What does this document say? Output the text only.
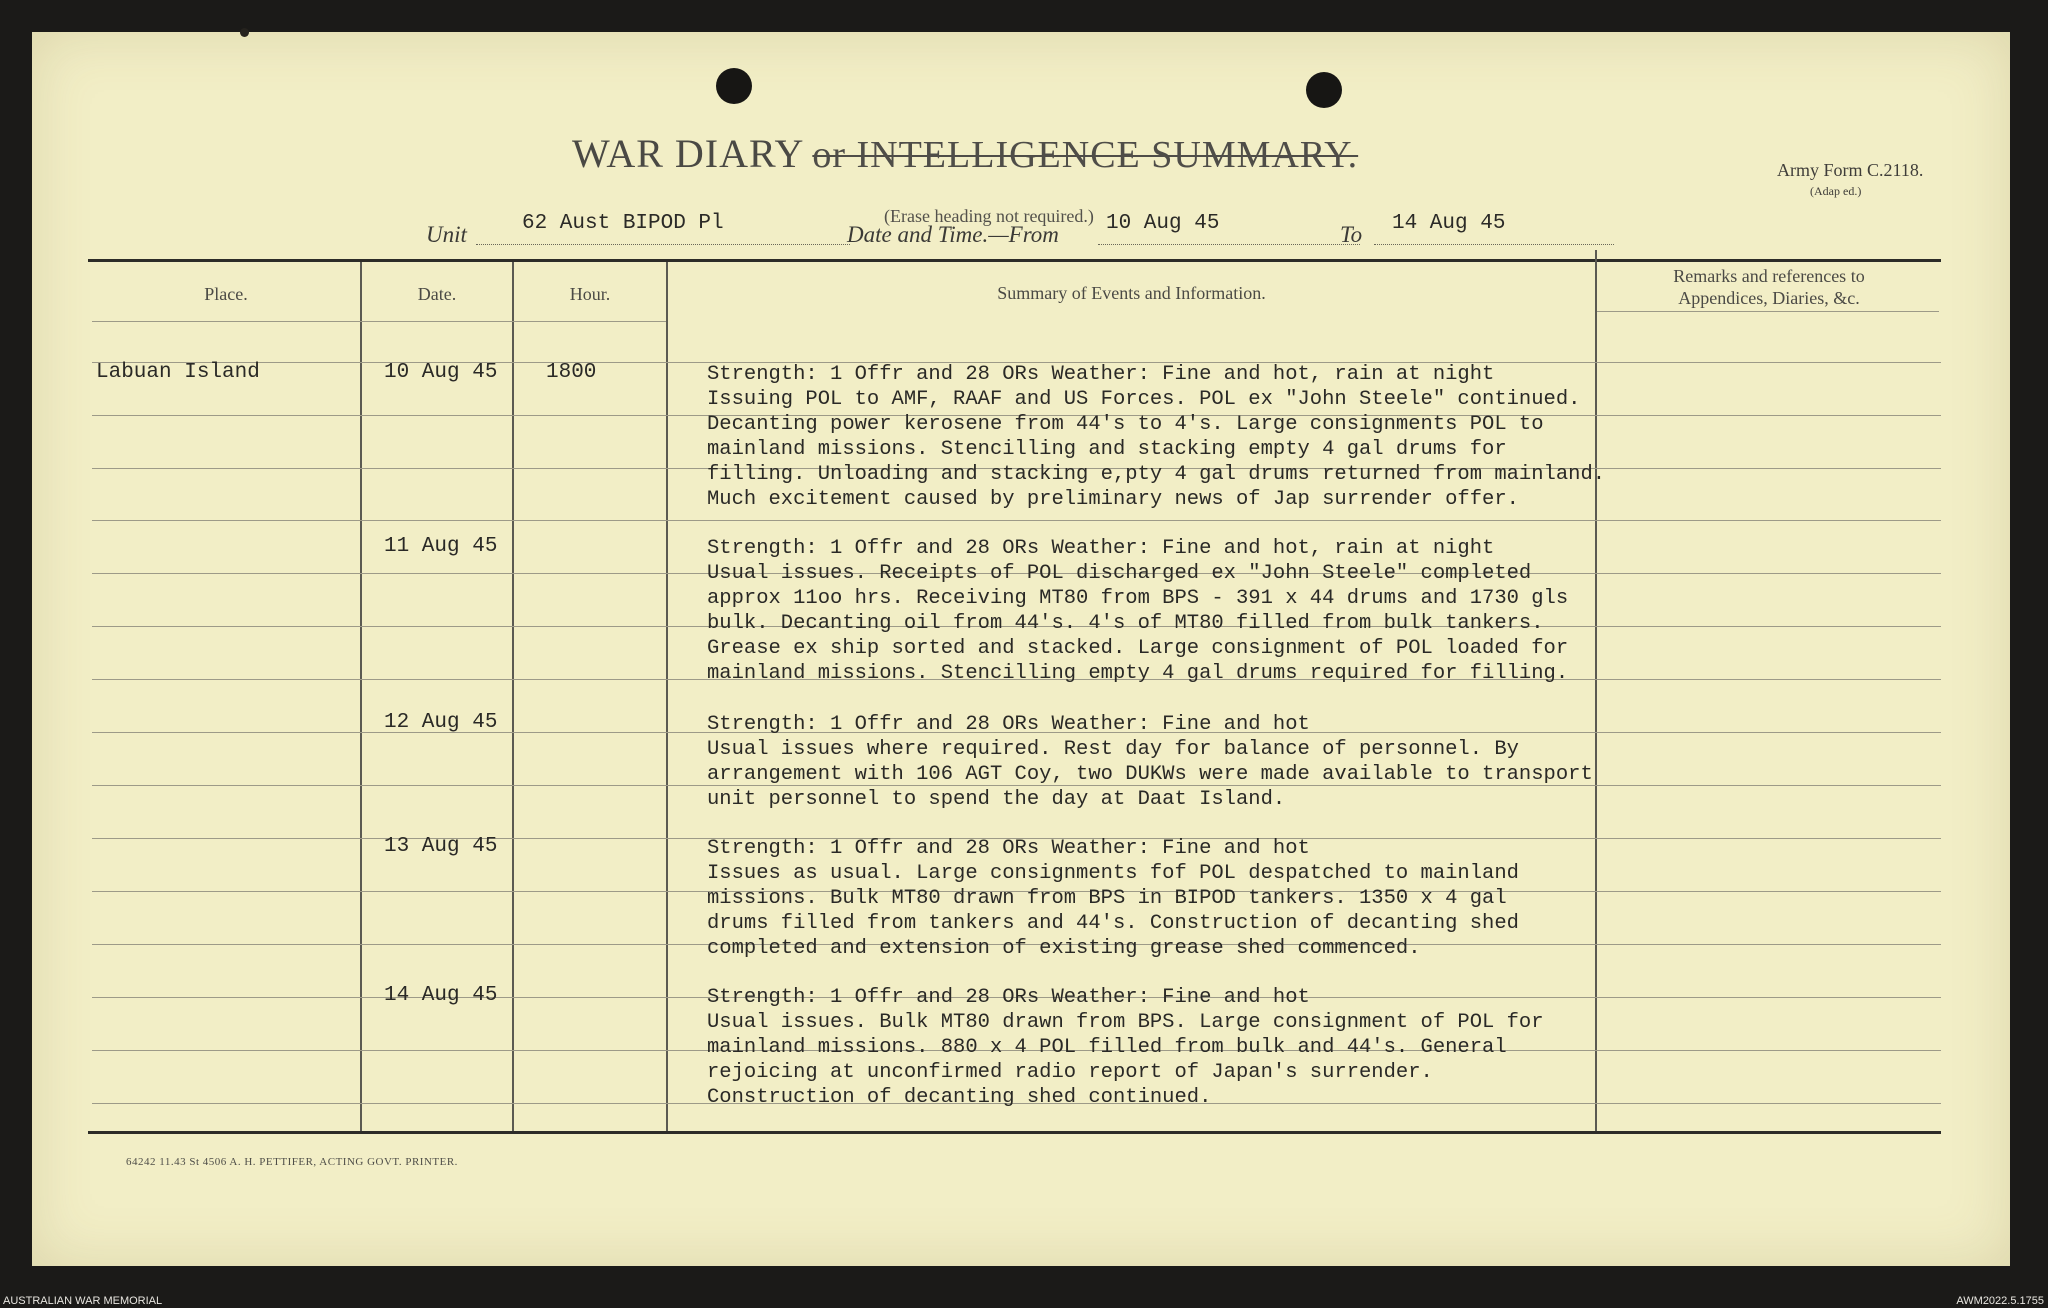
WAR DIARY or INTELLIGENCE SUMMARY.
(Erase heading not required.)
Army Form C.2118.
(Adap ed.)
Unit	62 Aust BIPOD Pl	Date and Time.—From 10 Aug 45	To 14 Aug 45
Place.	Date.	Hour.	Summary of Events and Information.
Remarks and references to
Appendices, Diaries, &c.
Labuan Island	10 Aug 45 1800	Strength: 1 Offr and 28 ORs Weather: Fine and hot, rain at night
Issuing POL to AMF, RAAF and US Forces. POL ex "John Steele" continued.
Decanting power kerosene from 44's to 4's. Large consignments POL to
mainland missions. Stencilling and stacking empty 4 gal drums for
filling. Unloading and stacking e,pty 4 gal drums returned from mainland.
Much excitement caused by preliminary news of Jap surrender offer.
11 Aug 45	Strength: 1 Offr and 28 ORs Weather: Fine and hot, rain at night
Usual issues. Receipts of POL discharged ex "John Steele" completed
approx 11oo hrs. Receiving MT80 from BPS - 391 x 44 drums and 1730 gls
bulk. Decanting oil from 44's. 4's of MT80 filled from bulk tankers.
Grease ex ship sorted and stacked. Large consignment of POL loaded for
mainland missions. Stencilling empty 4 gal drums required for filling.
12 Aug 45	Strength: 1 Offr and 28 ORs Weather: Fine and hot
Usual issues where required. Rest day for balance of personnel. By
arrangement with 106 AGT Coy, two DUKWs were made available to transport
unit personnel to spend the day at Daat Island.
13 Aug 45	Strength: 1 Offr and 28 ORs Weather: Fine and hot
Issues as usual. Large consignments fof POL despatched to mainland
missions. Bulk MT80 drawn from BPS in BIPOD tankers. 1350 x 4 gal
drums filled from tankers and 44's. Construction of decanting shed
completed and extension of existing grease shed commenced.
14 Aug 45	Strength: 1 Offr and 28 ORs Weather: Fine and hot
Usual issues. Bulk MT80 drawn from BPS. Large consignment of POL for
mainland missions. 880 x 4 POL filled from bulk and 44's. General
rejoicing at unconfirmed radio report of Japan's surrender.
Construction of decanting shed continued.
64242 11.43 St 4506 A. H. PETTIFER, ACTING GOVT. PRINTER.
AUSTRALIAN WAR MEMORIAL	AWM2022.5.1755
